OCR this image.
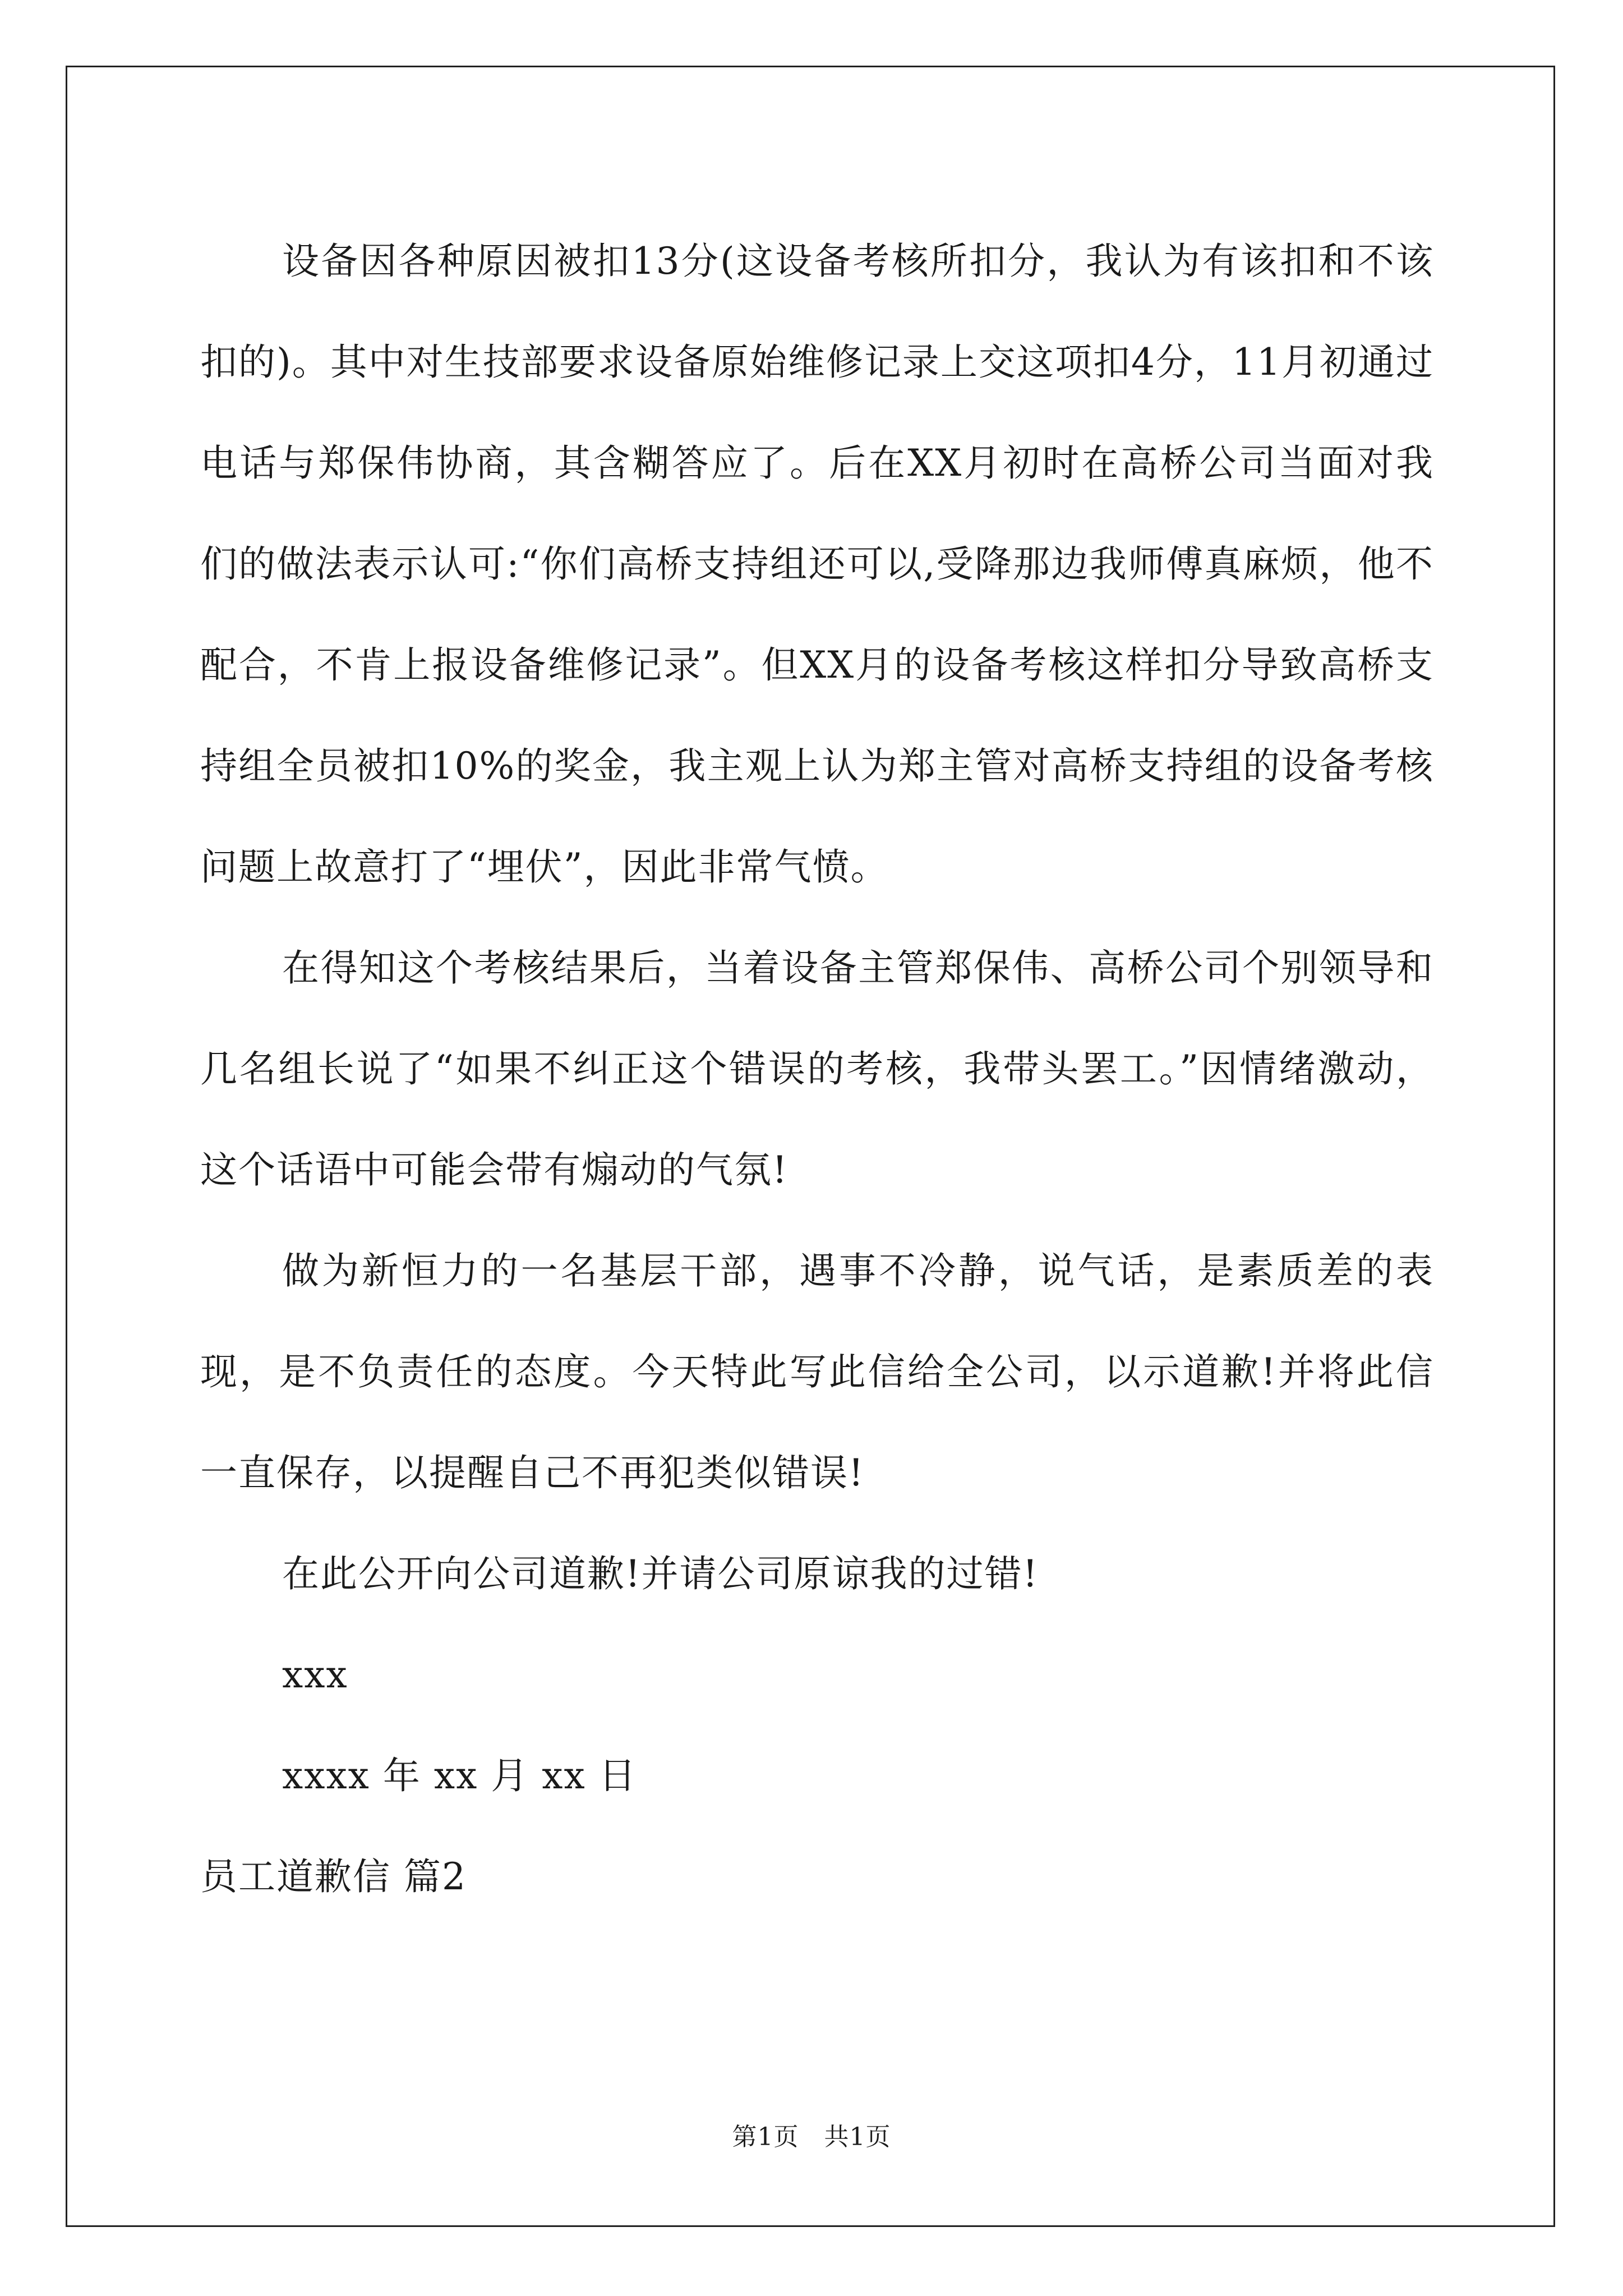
设备因各种原因被扣13分(这设备考核所扣分，我认为有该扣和不该扣的)。其中对生技部要求设备原始维修记录上交这项扣4分，11月初通过电话与郑保伟协商，其含糊答应了。后在XX月初时在高桥公司当面对我们的做法表示认可:“你们高桥支持组还可以,受降那边我师傅真麻烦，他不配合，不肯上报设备维修记录”。但XX月的设备考核这样扣分导致高桥支持组全员被扣10%的奖金，我主观上认为郑主管对高桥支持组的设备考核问题上故意打了“埋伏”，因此非常气愤。

在得知这个考核结果后，当着设备主管郑保伟、高桥公司个别领导和几名组长说了“如果不纠正这个错误的考核，我带头罢工。”因情绪激动，这个话语中可能会带有煽动的气氛!

做为新恒力的一名基层干部，遇事不冷静，说气话，是素质差的表现，是不负责任的态度。今天特此写此信给全公司，以示道歉!并将此信一直保存，以提醒自己不再犯类似错误!

在此公开向公司道歉!并请公司原谅我的过错!

xxx

xxxx 年 xx 月 xx 日

员工道歉信 篇2

第1页　共1页
